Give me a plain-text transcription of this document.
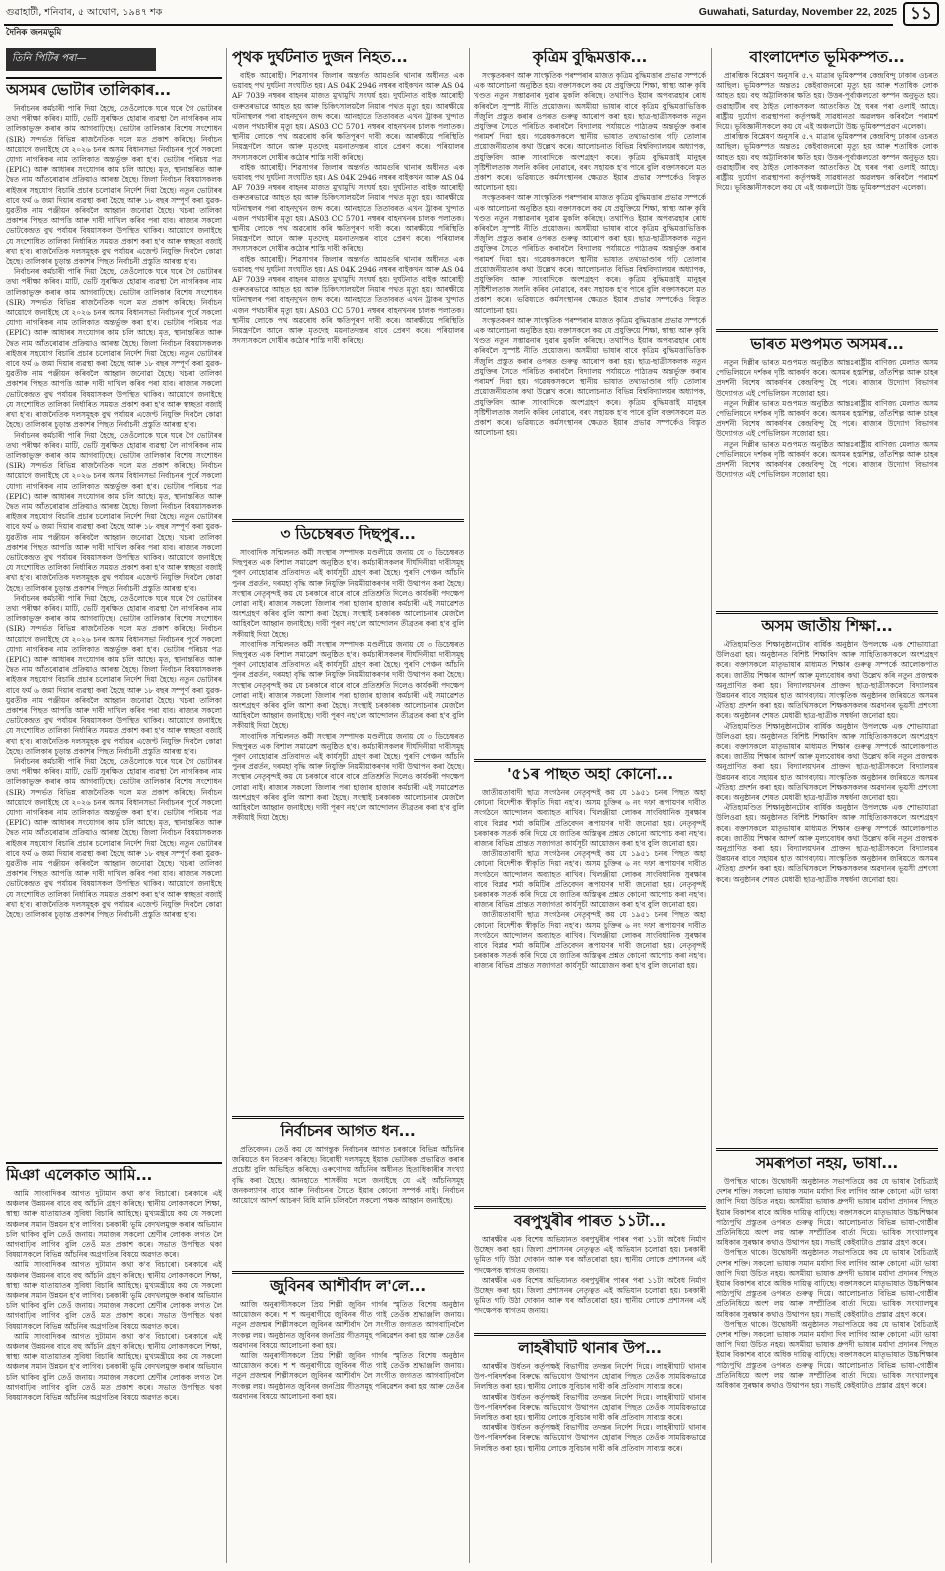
গুৱাহাটী, শনিবাৰ, ৫ আঘোণ, ১৯৪৭ শক	Guwahati, Saturday, November 22, 2025 ১১
দৈনিক জনমভূমি
তিনি পিটিৰ পৰা—
অসমৰ ভোটাৰ তালিকাৰ...

নিৰ্বাচনৰ কৰ্মচাৰী পাৰি দিয়া হৈছে, তেওঁলোকে ঘৰে ঘৰে গৈ ভোটাৰৰ তথ্য পৰীক্ষা কৰিব। মাটি, ভেটি সুৰক্ষিত হোৱাৰ ব্যৱস্থা লৈ নাগৰিকৰ নাম তালিকাভুক্ত কৰাৰ কাম আগবাঢ়িছে। ভোটাৰ তালিকাৰ বিশেষ সংশোধন (SIR) সন্দৰ্ভত বিভিন্ন ৰাজনৈতিক দলে মত প্ৰকাশ কৰিছে। নিৰ্বাচন আয়োগে জনাইছে যে ২০২৬ চনৰ অসম বিধানসভা নিৰ্বাচনৰ পূৰ্বে সকলো যোগ্য নাগৰিকৰ নাম তালিকাত অন্তৰ্ভুক্ত কৰা হ'ব। ভোটাৰ পৰিচয় পত্ৰ (EPIC) আৰু আধাৰৰ সংযোগৰ কাম চলি আছে। মৃত, স্থানান্তৰিত আৰু দ্বৈত নাম আঁতৰোৱাৰ প্ৰক্ৰিয়াও আৰম্ভ হৈছে। জিলা নিৰ্বাচন বিষয়াসকলক ৰাইজৰ সহযোগ বিচাৰি প্ৰচাৰ চলোৱাৰ নিৰ্দেশ দিয়া হৈছে। নতুন ভোটাৰৰ বাবে ফৰ্ম ৬ জমা দিয়াৰ ব্যৱস্থা কৰা হৈছে আৰু ১৮ বছৰ সম্পূৰ্ণ কৰা যুৱক-যুৱতীক নাম পঞ্জীয়ন কৰিবলৈ আহ্বান জনোৱা হৈছে। খচৰা তালিকা প্ৰকাশৰ পিছত আপত্তি আৰু দাবী দাখিল কৰিব পৰা যাব। ৰাজ্যৰ সকলো ভোটকেন্দ্ৰত বুথ পৰ্যায়ৰ বিষয়াসকল উপস্থিত থাকিব। আয়োগে জনাইছে যে সংশোধিত তালিকা নিৰ্ধাৰিত সময়ত প্ৰকাশ কৰা হ'ব আৰু স্বচ্ছতা বজাই ৰখা হ'ব। ৰাজনৈতিক দলসমূহক বুথ পৰ্যায়ৰ এজেণ্ট নিযুক্তি দিবলৈ কোৱা হৈছে। তালিকাৰ চূড়ান্ত প্ৰকাশৰ পিছত নিৰ্বাচনী প্ৰস্তুতি আৰম্ভ হ'ব।

নিৰ্বাচনৰ কৰ্মচাৰী পাৰি দিয়া হৈছে, তেওঁলোকে ঘৰে ঘৰে গৈ ভোটাৰৰ তথ্য পৰীক্ষা কৰিব। মাটি, ভেটি সুৰক্ষিত হোৱাৰ ব্যৱস্থা লৈ নাগৰিকৰ নাম তালিকাভুক্ত কৰাৰ কাম আগবাঢ়িছে। ভোটাৰ তালিকাৰ বিশেষ সংশোধন (SIR) সন্দৰ্ভত বিভিন্ন ৰাজনৈতিক দলে মত প্ৰকাশ কৰিছে। নিৰ্বাচন আয়োগে জনাইছে যে ২০২৬ চনৰ অসম বিধানসভা নিৰ্বাচনৰ পূৰ্বে সকলো যোগ্য নাগৰিকৰ নাম তালিকাত অন্তৰ্ভুক্ত কৰা হ'ব। ভোটাৰ পৰিচয় পত্ৰ (EPIC) আৰু আধাৰৰ সংযোগৰ কাম চলি আছে। মৃত, স্থানান্তৰিত আৰু দ্বৈত নাম আঁতৰোৱাৰ প্ৰক্ৰিয়াও আৰম্ভ হৈছে। জিলা নিৰ্বাচন বিষয়াসকলক ৰাইজৰ সহযোগ বিচাৰি প্ৰচাৰ চলোৱাৰ নিৰ্দেশ দিয়া হৈছে। নতুন ভোটাৰৰ বাবে ফৰ্ম ৬ জমা দিয়াৰ ব্যৱস্থা কৰা হৈছে আৰু ১৮ বছৰ সম্পূৰ্ণ কৰা যুৱক-যুৱতীক নাম পঞ্জীয়ন কৰিবলৈ আহ্বান জনোৱা হৈছে। খচৰা তালিকা প্ৰকাশৰ পিছত আপত্তি আৰু দাবী দাখিল কৰিব পৰা যাব। ৰাজ্যৰ সকলো ভোটকেন্দ্ৰত বুথ পৰ্যায়ৰ বিষয়াসকল উপস্থিত থাকিব। আয়োগে জনাইছে যে সংশোধিত তালিকা নিৰ্ধাৰিত সময়ত প্ৰকাশ কৰা হ'ব আৰু স্বচ্ছতা বজাই ৰখা হ'ব। ৰাজনৈতিক দলসমূহক বুথ পৰ্যায়ৰ এজেণ্ট নিযুক্তি দিবলৈ কোৱা হৈছে। তালিকাৰ চূড়ান্ত প্ৰকাশৰ পিছত নিৰ্বাচনী প্ৰস্তুতি আৰম্ভ হ'ব।

নিৰ্বাচনৰ কৰ্মচাৰী পাৰি দিয়া হৈছে, তেওঁলোকে ঘৰে ঘৰে গৈ ভোটাৰৰ তথ্য পৰীক্ষা কৰিব। মাটি, ভেটি সুৰক্ষিত হোৱাৰ ব্যৱস্থা লৈ নাগৰিকৰ নাম তালিকাভুক্ত কৰাৰ কাম আগবাঢ়িছে। ভোটাৰ তালিকাৰ বিশেষ সংশোধন (SIR) সন্দৰ্ভত বিভিন্ন ৰাজনৈতিক দলে মত প্ৰকাশ কৰিছে। নিৰ্বাচন আয়োগে জনাইছে যে ২০২৬ চনৰ অসম বিধানসভা নিৰ্বাচনৰ পূৰ্বে সকলো যোগ্য নাগৰিকৰ নাম তালিকাত অন্তৰ্ভুক্ত কৰা হ'ব। ভোটাৰ পৰিচয় পত্ৰ (EPIC) আৰু আধাৰৰ সংযোগৰ কাম চলি আছে। মৃত, স্থানান্তৰিত আৰু দ্বৈত নাম আঁতৰোৱাৰ প্ৰক্ৰিয়াও আৰম্ভ হৈছে। জিলা নিৰ্বাচন বিষয়াসকলক ৰাইজৰ সহযোগ বিচাৰি প্ৰচাৰ চলোৱাৰ নিৰ্দেশ দিয়া হৈছে। নতুন ভোটাৰৰ বাবে ফৰ্ম ৬ জমা দিয়াৰ ব্যৱস্থা কৰা হৈছে আৰু ১৮ বছৰ সম্পূৰ্ণ কৰা যুৱক-যুৱতীক নাম পঞ্জীয়ন কৰিবলৈ আহ্বান জনোৱা হৈছে। খচৰা তালিকা প্ৰকাশৰ পিছত আপত্তি আৰু দাবী দাখিল কৰিব পৰা যাব। ৰাজ্যৰ সকলো ভোটকেন্দ্ৰত বুথ পৰ্যায়ৰ বিষয়াসকল উপস্থিত থাকিব। আয়োগে জনাইছে যে সংশোধিত তালিকা নিৰ্ধাৰিত সময়ত প্ৰকাশ কৰা হ'ব আৰু স্বচ্ছতা বজাই ৰখা হ'ব। ৰাজনৈতিক দলসমূহক বুথ পৰ্যায়ৰ এজেণ্ট নিযুক্তি দিবলৈ কোৱা হৈছে। তালিকাৰ চূড়ান্ত প্ৰকাশৰ পিছত নিৰ্বাচনী প্ৰস্তুতি আৰম্ভ হ'ব।

নিৰ্বাচনৰ কৰ্মচাৰী পাৰি দিয়া হৈছে, তেওঁলোকে ঘৰে ঘৰে গৈ ভোটাৰৰ তথ্য পৰীক্ষা কৰিব। মাটি, ভেটি সুৰক্ষিত হোৱাৰ ব্যৱস্থা লৈ নাগৰিকৰ নাম তালিকাভুক্ত কৰাৰ কাম আগবাঢ়িছে। ভোটাৰ তালিকাৰ বিশেষ সংশোধন (SIR) সন্দৰ্ভত বিভিন্ন ৰাজনৈতিক দলে মত প্ৰকাশ কৰিছে। নিৰ্বাচন আয়োগে জনাইছে যে ২০২৬ চনৰ অসম বিধানসভা নিৰ্বাচনৰ পূৰ্বে সকলো যোগ্য নাগৰিকৰ নাম তালিকাত অন্তৰ্ভুক্ত কৰা হ'ব। ভোটাৰ পৰিচয় পত্ৰ (EPIC) আৰু আধাৰৰ সংযোগৰ কাম চলি আছে। মৃত, স্থানান্তৰিত আৰু দ্বৈত নাম আঁতৰোৱাৰ প্ৰক্ৰিয়াও আৰম্ভ হৈছে। জিলা নিৰ্বাচন বিষয়াসকলক ৰাইজৰ সহযোগ বিচাৰি প্ৰচাৰ চলোৱাৰ নিৰ্দেশ দিয়া হৈছে। নতুন ভোটাৰৰ বাবে ফৰ্ম ৬ জমা দিয়াৰ ব্যৱস্থা কৰা হৈছে আৰু ১৮ বছৰ সম্পূৰ্ণ কৰা যুৱক-যুৱতীক নাম পঞ্জীয়ন কৰিবলৈ আহ্বান জনোৱা হৈছে। খচৰা তালিকা প্ৰকাশৰ পিছত আপত্তি আৰু দাবী দাখিল কৰিব পৰা যাব। ৰাজ্যৰ সকলো ভোটকেন্দ্ৰত বুথ পৰ্যায়ৰ বিষয়াসকল উপস্থিত থাকিব। আয়োগে জনাইছে যে সংশোধিত তালিকা নিৰ্ধাৰিত সময়ত প্ৰকাশ কৰা হ'ব আৰু স্বচ্ছতা বজাই ৰখা হ'ব। ৰাজনৈতিক দলসমূহক বুথ পৰ্যায়ৰ এজেণ্ট নিযুক্তি দিবলৈ কোৱা হৈছে। তালিকাৰ চূড়ান্ত প্ৰকাশৰ পিছত নিৰ্বাচনী প্ৰস্তুতি আৰম্ভ হ'ব।

নিৰ্বাচনৰ কৰ্মচাৰী পাৰি দিয়া হৈছে, তেওঁলোকে ঘৰে ঘৰে গৈ ভোটাৰৰ তথ্য পৰীক্ষা কৰিব। মাটি, ভেটি সুৰক্ষিত হোৱাৰ ব্যৱস্থা লৈ নাগৰিকৰ নাম তালিকাভুক্ত কৰাৰ কাম আগবাঢ়িছে। ভোটাৰ তালিকাৰ বিশেষ সংশোধন (SIR) সন্দৰ্ভত বিভিন্ন ৰাজনৈতিক দলে মত প্ৰকাশ কৰিছে। নিৰ্বাচন আয়োগে জনাইছে যে ২০২৬ চনৰ অসম বিধানসভা নিৰ্বাচনৰ পূৰ্বে সকলো যোগ্য নাগৰিকৰ নাম তালিকাত অন্তৰ্ভুক্ত কৰা হ'ব। ভোটাৰ পৰিচয় পত্ৰ (EPIC) আৰু আধাৰৰ সংযোগৰ কাম চলি আছে। মৃত, স্থানান্তৰিত আৰু দ্বৈত নাম আঁতৰোৱাৰ প্ৰক্ৰিয়াও আৰম্ভ হৈছে। জিলা নিৰ্বাচন বিষয়াসকলক ৰাইজৰ সহযোগ বিচাৰি প্ৰচাৰ চলোৱাৰ নিৰ্দেশ দিয়া হৈছে। নতুন ভোটাৰৰ বাবে ফৰ্ম ৬ জমা দিয়াৰ ব্যৱস্থা কৰা হৈছে আৰু ১৮ বছৰ সম্পূৰ্ণ কৰা যুৱক-যুৱতীক নাম পঞ্জীয়ন কৰিবলৈ আহ্বান জনোৱা হৈছে। খচৰা তালিকা প্ৰকাশৰ পিছত আপত্তি আৰু দাবী দাখিল কৰিব পৰা যাব। ৰাজ্যৰ সকলো ভোটকেন্দ্ৰত বুথ পৰ্যায়ৰ বিষয়াসকল উপস্থিত থাকিব। আয়োগে জনাইছে যে সংশোধিত তালিকা নিৰ্ধাৰিত সময়ত প্ৰকাশ কৰা হ'ব আৰু স্বচ্ছতা বজাই ৰখা হ'ব। ৰাজনৈতিক দলসমূহক বুথ পৰ্যায়ৰ এজেণ্ট নিযুক্তি দিবলৈ কোৱা হৈছে। তালিকাৰ চূড়ান্ত প্ৰকাশৰ পিছত নিৰ্বাচনী প্ৰস্তুতি আৰম্ভ হ'ব।

মিঞা এলেকাত আমি...

আমি সাংবাদিকৰ আগত দুটামান কথা ক'ব বিচাৰো। চৰকাৰে এই অঞ্চলৰ উন্নয়নৰ বাবে বহু আঁচনি গ্ৰহণ কৰিছে। স্থানীয় লোকসকলে শিক্ষা, স্বাস্থ্য আৰু যাতায়াতৰ সুবিধা বিচাৰি আহিছে। মুখ্যমন্ত্ৰীয়ে কয় যে সকলো অঞ্চলৰ সমান উন্নয়ন হ'ব লাগিব। চৰকাৰী ভূমি বেদখলমুক্ত কৰাৰ অভিযান চলি থাকিব বুলি তেওঁ জনায়। সমাজৰ সকলো শ্ৰেণীৰ লোকক লগত লৈ আগবাঢ়িব লাগিব বুলি তেওঁ মত প্ৰকাশ কৰে। সভাত উপস্থিত থকা বিষয়াসকলে বিভিন্ন আঁচনিৰ অগ্ৰগতিৰ বিষয়ে অৱগত কৰে।

আমি সাংবাদিকৰ আগত দুটামান কথা ক'ব বিচাৰো। চৰকাৰে এই অঞ্চলৰ উন্নয়নৰ বাবে বহু আঁচনি গ্ৰহণ কৰিছে। স্থানীয় লোকসকলে শিক্ষা, স্বাস্থ্য আৰু যাতায়াতৰ সুবিধা বিচাৰি আহিছে। মুখ্যমন্ত্ৰীয়ে কয় যে সকলো অঞ্চলৰ সমান উন্নয়ন হ'ব লাগিব। চৰকাৰী ভূমি বেদখলমুক্ত কৰাৰ অভিযান চলি থাকিব বুলি তেওঁ জনায়। সমাজৰ সকলো শ্ৰেণীৰ লোকক লগত লৈ আগবাঢ়িব লাগিব বুলি তেওঁ মত প্ৰকাশ কৰে। সভাত উপস্থিত থকা বিষয়াসকলে বিভিন্ন আঁচনিৰ অগ্ৰগতিৰ বিষয়ে অৱগত কৰে।

আমি সাংবাদিকৰ আগত দুটামান কথা ক'ব বিচাৰো। চৰকাৰে এই অঞ্চলৰ উন্নয়নৰ বাবে বহু আঁচনি গ্ৰহণ কৰিছে। স্থানীয় লোকসকলে শিক্ষা, স্বাস্থ্য আৰু যাতায়াতৰ সুবিধা বিচাৰি আহিছে। মুখ্যমন্ত্ৰীয়ে কয় যে সকলো অঞ্চলৰ সমান উন্নয়ন হ'ব লাগিব। চৰকাৰী ভূমি বেদখলমুক্ত কৰাৰ অভিযান চলি থাকিব বুলি তেওঁ জনায়। সমাজৰ সকলো শ্ৰেণীৰ লোকক লগত লৈ আগবাঢ়িব লাগিব বুলি তেওঁ মত প্ৰকাশ কৰে। সভাত উপস্থিত থকা বিষয়াসকলে বিভিন্ন আঁচনিৰ অগ্ৰগতিৰ বিষয়ে অৱগত কৰে।

পৃথক দুৰ্ঘটনাত দুজন নিহত...

বাইক আৰোহী। শিৱসাগৰ জিলাৰ অন্তৰ্গত আমগুৰি থানাৰ অধীনত এক ভয়াবহ পথ দুৰ্ঘটনা সংঘটিত হয়। AS 04K 2946 নম্বৰৰ বাইকখন আৰু AS 04 AF 7039 নম্বৰৰ বাহনৰ মাজত মুখামুখি সংঘৰ্ষ হয়। দুৰ্ঘটনাত বাইক আৰোহী গুৰুতৰভাৱে আহত হয় আৰু চিকিৎসালয়লৈ নিয়াৰ পথত মৃত্যু হয়। আৰক্ষীয়ে ঘটনাস্থলৰ পৰা বাহনদুখন জব্দ কৰে। আনহাতে তিতাবৰত এখন ট্ৰাকৰ খুন্দাত এজন পথচাৰীৰ মৃত্যু হয়। AS03 CC 5701 নম্বৰৰ বাহনখনৰ চালক পলাতক। স্থানীয় লোকে পথ অৱৰোধ কৰি ক্ষতিপূৰণ দাবী কৰে। আৰক্ষীয়ে পৰিস্থিতি নিয়ন্ত্ৰণলৈ আনে আৰু মৃতদেহ ময়নাতদন্তৰ বাবে প্ৰেৰণ কৰে। পৰিয়ালৰ সদস্যসকলে দোষীৰ কঠোৰ শাস্তি দাবী কৰিছে।

বাইক আৰোহী। শিৱসাগৰ জিলাৰ অন্তৰ্গত আমগুৰি থানাৰ অধীনত এক ভয়াবহ পথ দুৰ্ঘটনা সংঘটিত হয়। AS 04K 2946 নম্বৰৰ বাইকখন আৰু AS 04 AF 7039 নম্বৰৰ বাহনৰ মাজত মুখামুখি সংঘৰ্ষ হয়। দুৰ্ঘটনাত বাইক আৰোহী গুৰুতৰভাৱে আহত হয় আৰু চিকিৎসালয়লৈ নিয়াৰ পথত মৃত্যু হয়। আৰক্ষীয়ে ঘটনাস্থলৰ পৰা বাহনদুখন জব্দ কৰে। আনহাতে তিতাবৰত এখন ট্ৰাকৰ খুন্দাত এজন পথচাৰীৰ মৃত্যু হয়। AS03 CC 5701 নম্বৰৰ বাহনখনৰ চালক পলাতক। স্থানীয় লোকে পথ অৱৰোধ কৰি ক্ষতিপূৰণ দাবী কৰে। আৰক্ষীয়ে পৰিস্থিতি নিয়ন্ত্ৰণলৈ আনে আৰু মৃতদেহ ময়নাতদন্তৰ বাবে প্ৰেৰণ কৰে। পৰিয়ালৰ সদস্যসকলে দোষীৰ কঠোৰ শাস্তি দাবী কৰিছে।

বাইক আৰোহী। শিৱসাগৰ জিলাৰ অন্তৰ্গত আমগুৰি থানাৰ অধীনত এক ভয়াবহ পথ দুৰ্ঘটনা সংঘটিত হয়। AS 04K 2946 নম্বৰৰ বাইকখন আৰু AS 04 AF 7039 নম্বৰৰ বাহনৰ মাজত মুখামুখি সংঘৰ্ষ হয়। দুৰ্ঘটনাত বাইক আৰোহী গুৰুতৰভাৱে আহত হয় আৰু চিকিৎসালয়লৈ নিয়াৰ পথত মৃত্যু হয়। আৰক্ষীয়ে ঘটনাস্থলৰ পৰা বাহনদুখন জব্দ কৰে। আনহাতে তিতাবৰত এখন ট্ৰাকৰ খুন্দাত এজন পথচাৰীৰ মৃত্যু হয়। AS03 CC 5701 নম্বৰৰ বাহনখনৰ চালক পলাতক। স্থানীয় লোকে পথ অৱৰোধ কৰি ক্ষতিপূৰণ দাবী কৰে। আৰক্ষীয়ে পৰিস্থিতি নিয়ন্ত্ৰণলৈ আনে আৰু মৃতদেহ ময়নাতদন্তৰ বাবে প্ৰেৰণ কৰে। পৰিয়ালৰ সদস্যসকলে দোষীৰ কঠোৰ শাস্তি দাবী কৰিছে।

৩ ডিচেম্বৰত দিছপুৰ...

সাংবাদিক সন্মিলনত কৰ্মী সংস্থাৰ সম্পাদক মণ্ডলীয়ে জনায় যে ৩ ডিচেম্বৰত দিছপুৰত এক বিশাল সমাৱেশ অনুষ্ঠিত হ'ব। কৰ্মচাৰীসকলৰ দীৰ্ঘদিনীয়া দাবীসমূহ পূৰণ নোহোৱাৰ প্ৰতিবাদত এই কাৰ্যসূচী গ্ৰহণ কৰা হৈছে। পুৰণি পেঞ্চন আঁচনি পুনৰ প্ৰৱৰ্তন, দৰমহা বৃদ্ধি আৰু নিযুক্তি নিয়মীয়াকৰণৰ দাবী উত্থাপন কৰা হৈছে। সংস্থাৰ নেতৃবৃন্দই কয় যে চৰকাৰে বাৰে বাৰে প্ৰতিশ্ৰুতি দিলেও কাৰ্যকৰী পদক্ষেপ লোৱা নাই। ৰাজ্যৰ সকলো জিলাৰ পৰা হাজাৰ হাজাৰ কৰ্মচাৰী এই সমাৱেশত অংশগ্ৰহণ কৰিব বুলি আশা কৰা হৈছে। সংস্থাই চৰকাৰক আলোচনাৰ মেজলৈ আহিবলৈ আহ্বান জনাইছে। দাবী পূৰণ নহ'লে আন্দোলন তীব্ৰতৰ কৰা হ'ব বুলি সকীয়াই দিয়া হৈছে।

সাংবাদিক সন্মিলনত কৰ্মী সংস্থাৰ সম্পাদক মণ্ডলীয়ে জনায় যে ৩ ডিচেম্বৰত দিছপুৰত এক বিশাল সমাৱেশ অনুষ্ঠিত হ'ব। কৰ্মচাৰীসকলৰ দীৰ্ঘদিনীয়া দাবীসমূহ পূৰণ নোহোৱাৰ প্ৰতিবাদত এই কাৰ্যসূচী গ্ৰহণ কৰা হৈছে। পুৰণি পেঞ্চন আঁচনি পুনৰ প্ৰৱৰ্তন, দৰমহা বৃদ্ধি আৰু নিযুক্তি নিয়মীয়াকৰণৰ দাবী উত্থাপন কৰা হৈছে। সংস্থাৰ নেতৃবৃন্দই কয় যে চৰকাৰে বাৰে বাৰে প্ৰতিশ্ৰুতি দিলেও কাৰ্যকৰী পদক্ষেপ লোৱা নাই। ৰাজ্যৰ সকলো জিলাৰ পৰা হাজাৰ হাজাৰ কৰ্মচাৰী এই সমাৱেশত অংশগ্ৰহণ কৰিব বুলি আশা কৰা হৈছে। সংস্থাই চৰকাৰক আলোচনাৰ মেজলৈ আহিবলৈ আহ্বান জনাইছে। দাবী পূৰণ নহ'লে আন্দোলন তীব্ৰতৰ কৰা হ'ব বুলি সকীয়াই দিয়া হৈছে।

সাংবাদিক সন্মিলনত কৰ্মী সংস্থাৰ সম্পাদক মণ্ডলীয়ে জনায় যে ৩ ডিচেম্বৰত দিছপুৰত এক বিশাল সমাৱেশ অনুষ্ঠিত হ'ব। কৰ্মচাৰীসকলৰ দীৰ্ঘদিনীয়া দাবীসমূহ পূৰণ নোহোৱাৰ প্ৰতিবাদত এই কাৰ্যসূচী গ্ৰহণ কৰা হৈছে। পুৰণি পেঞ্চন আঁচনি পুনৰ প্ৰৱৰ্তন, দৰমহা বৃদ্ধি আৰু নিযুক্তি নিয়মীয়াকৰণৰ দাবী উত্থাপন কৰা হৈছে। সংস্থাৰ নেতৃবৃন্দই কয় যে চৰকাৰে বাৰে বাৰে প্ৰতিশ্ৰুতি দিলেও কাৰ্যকৰী পদক্ষেপ লোৱা নাই। ৰাজ্যৰ সকলো জিলাৰ পৰা হাজাৰ হাজাৰ কৰ্মচাৰী এই সমাৱেশত অংশগ্ৰহণ কৰিব বুলি আশা কৰা হৈছে। সংস্থাই চৰকাৰক আলোচনাৰ মেজলৈ আহিবলৈ আহ্বান জনাইছে। দাবী পূৰণ নহ'লে আন্দোলন তীব্ৰতৰ কৰা হ'ব বুলি সকীয়াই দিয়া হৈছে।

নিৰ্বাচনৰ আগত ধন...

প্ৰতিবেদন। তেওঁ কয় যে আগন্তুক নিৰ্বাচনৰ আগত চৰকাৰে বিভিন্ন আঁচনিৰ জৰিয়তে ধন বিতৰণ কৰিছে। বিৰোধী দলসমূহে ইয়াক ভোটাৰক প্ৰভাৱিত কৰাৰ প্ৰচেষ্টা বুলি অভিহিত কৰিছে। ওৰুণোদয় আঁচনিৰ অধীনত হিতাধিকাৰীৰ সংখ্যা বৃদ্ধি কৰা হৈছে। আনহাতে শাসকীয় দলে জনাইছে যে এই আঁচনিসমূহ জনকল্যাণৰ বাবে আৰু নিৰ্বাচনৰ সৈতে ইয়াৰ কোনো সম্পৰ্ক নাই। নিৰ্বাচন আয়োগে আদৰ্শ আচৰণ বিধি মানি চলিবলৈ সকলো পক্ষক আহ্বান জনাইছে।

জুবিনৰ আশীৰ্বাদ ল'লে...

আজি অনুৰাগীসকলে প্ৰিয় শিল্পী জুবিন গাৰ্গৰ স্মৃতিত বিশেষ অনুষ্ঠান আয়োজন কৰে। শ শ অনুৰাগীয়ে জুবিনৰ গীত গাই তেওঁক শ্ৰদ্ধাঞ্জলি জনায়। নতুন প্ৰজন্মৰ শিল্পীসকলে জুবিনৰ আশীৰ্বাদ লৈ সংগীত জগতত আগবাঢ়িবলৈ সংকল্প লয়। অনুষ্ঠানত জুবিনৰ জনপ্ৰিয় গীতসমূহ পৰিৱেশন কৰা হয় আৰু তেওঁৰ অৱদানৰ বিষয়ে আলোচনা কৰা হয়।

আজি অনুৰাগীসকলে প্ৰিয় শিল্পী জুবিন গাৰ্গৰ স্মৃতিত বিশেষ অনুষ্ঠান আয়োজন কৰে। শ শ অনুৰাগীয়ে জুবিনৰ গীত গাই তেওঁক শ্ৰদ্ধাঞ্জলি জনায়। নতুন প্ৰজন্মৰ শিল্পীসকলে জুবিনৰ আশীৰ্বাদ লৈ সংগীত জগতত আগবাঢ়িবলৈ সংকল্প লয়। অনুষ্ঠানত জুবিনৰ জনপ্ৰিয় গীতসমূহ পৰিৱেশন কৰা হয় আৰু তেওঁৰ অৱদানৰ বিষয়ে আলোচনা কৰা হয়।

কৃত্ৰিম বুদ্ধিমত্তাক...

সংস্কৃতকৰণ আৰু সাংস্কৃতিক পৰম্পৰাৰ মাজত কৃত্ৰিম বুদ্ধিমত্তাৰ প্ৰভাৱ সম্পৰ্কে এক আলোচনা অনুষ্ঠিত হয়। বক্তাসকলে কয় যে প্ৰযুক্তিয়ে শিক্ষা, স্বাস্থ্য আৰু কৃষি খণ্ডত নতুন সম্ভাৱনাৰ দুৱাৰ মুকলি কৰিছে। তথাপিও ইয়াৰ অপব্যৱহাৰ ৰোধ কৰিবলৈ সুস্পষ্ট নীতি প্ৰয়োজন। অসমীয়া ভাষাৰ বাবে কৃত্ৰিম বুদ্ধিমত্তাভিত্তিক সঁজুলি প্ৰস্তুত কৰাৰ ওপৰত গুৰুত্ব আৰোপ কৰা হয়। ছাত্ৰ-ছাত্ৰীসকলক নতুন প্ৰযুক্তিৰ সৈতে পৰিচিত কৰাবলৈ বিদ্যালয় পৰ্যায়তে পাঠ্যক্ৰম অন্তৰ্ভুক্ত কৰাৰ পৰামৰ্শ দিয়া হয়। গৱেষকসকলে স্থানীয় ভাষাত তথ্যভাণ্ডাৰ গঢ়ি তোলাৰ প্ৰয়োজনীয়তাৰ কথা উল্লেখ কৰে। আলোচনাত বিভিন্ন বিশ্ববিদ্যালয়ৰ অধ্যাপক, প্ৰযুক্তিবিদ আৰু সাংবাদিকে অংশগ্ৰহণ কৰে। কৃত্ৰিম বুদ্ধিমত্তাই মানুহৰ সৃষ্টিশীলতাক সলনি কৰিব নোৱাৰে, বৰং সহায়ক হ'ব পাৰে বুলি বক্তাসকলে মত প্ৰকাশ কৰে। ভৱিষ্যতে কৰ্মসংস্থানৰ ক্ষেত্ৰত ইয়াৰ প্ৰভাৱ সম্পৰ্কেও বিস্তৃত আলোচনা হয়।

সংস্কৃতকৰণ আৰু সাংস্কৃতিক পৰম্পৰাৰ মাজত কৃত্ৰিম বুদ্ধিমত্তাৰ প্ৰভাৱ সম্পৰ্কে এক আলোচনা অনুষ্ঠিত হয়। বক্তাসকলে কয় যে প্ৰযুক্তিয়ে শিক্ষা, স্বাস্থ্য আৰু কৃষি খণ্ডত নতুন সম্ভাৱনাৰ দুৱাৰ মুকলি কৰিছে। তথাপিও ইয়াৰ অপব্যৱহাৰ ৰোধ কৰিবলৈ সুস্পষ্ট নীতি প্ৰয়োজন। অসমীয়া ভাষাৰ বাবে কৃত্ৰিম বুদ্ধিমত্তাভিত্তিক সঁজুলি প্ৰস্তুত কৰাৰ ওপৰত গুৰুত্ব আৰোপ কৰা হয়। ছাত্ৰ-ছাত্ৰীসকলক নতুন প্ৰযুক্তিৰ সৈতে পৰিচিত কৰাবলৈ বিদ্যালয় পৰ্যায়তে পাঠ্যক্ৰম অন্তৰ্ভুক্ত কৰাৰ পৰামৰ্শ দিয়া হয়। গৱেষকসকলে স্থানীয় ভাষাত তথ্যভাণ্ডাৰ গঢ়ি তোলাৰ প্ৰয়োজনীয়তাৰ কথা উল্লেখ কৰে। আলোচনাত বিভিন্ন বিশ্ববিদ্যালয়ৰ অধ্যাপক, প্ৰযুক্তিবিদ আৰু সাংবাদিকে অংশগ্ৰহণ কৰে। কৃত্ৰিম বুদ্ধিমত্তাই মানুহৰ সৃষ্টিশীলতাক সলনি কৰিব নোৱাৰে, বৰং সহায়ক হ'ব পাৰে বুলি বক্তাসকলে মত প্ৰকাশ কৰে। ভৱিষ্যতে কৰ্মসংস্থানৰ ক্ষেত্ৰত ইয়াৰ প্ৰভাৱ সম্পৰ্কেও বিস্তৃত আলোচনা হয়।

সংস্কৃতকৰণ আৰু সাংস্কৃতিক পৰম্পৰাৰ মাজত কৃত্ৰিম বুদ্ধিমত্তাৰ প্ৰভাৱ সম্পৰ্কে এক আলোচনা অনুষ্ঠিত হয়। বক্তাসকলে কয় যে প্ৰযুক্তিয়ে শিক্ষা, স্বাস্থ্য আৰু কৃষি খণ্ডত নতুন সম্ভাৱনাৰ দুৱাৰ মুকলি কৰিছে। তথাপিও ইয়াৰ অপব্যৱহাৰ ৰোধ কৰিবলৈ সুস্পষ্ট নীতি প্ৰয়োজন। অসমীয়া ভাষাৰ বাবে কৃত্ৰিম বুদ্ধিমত্তাভিত্তিক সঁজুলি প্ৰস্তুত কৰাৰ ওপৰত গুৰুত্ব আৰোপ কৰা হয়। ছাত্ৰ-ছাত্ৰীসকলক নতুন প্ৰযুক্তিৰ সৈতে পৰিচিত কৰাবলৈ বিদ্যালয় পৰ্যায়তে পাঠ্যক্ৰম অন্তৰ্ভুক্ত কৰাৰ পৰামৰ্শ দিয়া হয়। গৱেষকসকলে স্থানীয় ভাষাত তথ্যভাণ্ডাৰ গঢ়ি তোলাৰ প্ৰয়োজনীয়তাৰ কথা উল্লেখ কৰে। আলোচনাত বিভিন্ন বিশ্ববিদ্যালয়ৰ অধ্যাপক, প্ৰযুক্তিবিদ আৰু সাংবাদিকে অংশগ্ৰহণ কৰে। কৃত্ৰিম বুদ্ধিমত্তাই মানুহৰ সৃষ্টিশীলতাক সলনি কৰিব নোৱাৰে, বৰং সহায়ক হ'ব পাৰে বুলি বক্তাসকলে মত প্ৰকাশ কৰে। ভৱিষ্যতে কৰ্মসংস্থানৰ ক্ষেত্ৰত ইয়াৰ প্ৰভাৱ সম্পৰ্কেও বিস্তৃত আলোচনা হয়।

'৫১ৰ পাছত অহা কোনো...

জাতীয়তাবাদী ছাত্ৰ সংগঠনৰ নেতৃবৃন্দই কয় যে ১৯৫১ চনৰ পিছত অহা কোনো বিদেশীক স্বীকৃতি দিয়া নহ'ব। অসম চুক্তিৰ ৬ নং দফা ৰূপায়ণৰ দাবীত সংগঠনে আন্দোলন অব্যাহত ৰাখিব। খিলঞ্জীয়া লোকৰ সাংবিধানিক সুৰক্ষাৰ বাবে বিপ্লৱ শৰ্মা কমিটিৰ প্ৰতিবেদন ৰূপায়ণৰ দাবী জনোৱা হয়। নেতৃবৃন্দই চৰকাৰক সতৰ্ক কৰি দিয়ে যে জাতিৰ অস্তিত্বৰ প্ৰশ্নত কোনো আপোচ কৰা নহ'ব। ৰাজ্যৰ বিভিন্ন প্ৰান্তত সজাগতা কাৰ্যসূচী আয়োজন কৰা হ'ব বুলি জনোৱা হয়।

জাতীয়তাবাদী ছাত্ৰ সংগঠনৰ নেতৃবৃন্দই কয় যে ১৯৫১ চনৰ পিছত অহা কোনো বিদেশীক স্বীকৃতি দিয়া নহ'ব। অসম চুক্তিৰ ৬ নং দফা ৰূপায়ণৰ দাবীত সংগঠনে আন্দোলন অব্যাহত ৰাখিব। খিলঞ্জীয়া লোকৰ সাংবিধানিক সুৰক্ষাৰ বাবে বিপ্লৱ শৰ্মা কমিটিৰ প্ৰতিবেদন ৰূপায়ণৰ দাবী জনোৱা হয়। নেতৃবৃন্দই চৰকাৰক সতৰ্ক কৰি দিয়ে যে জাতিৰ অস্তিত্বৰ প্ৰশ্নত কোনো আপোচ কৰা নহ'ব। ৰাজ্যৰ বিভিন্ন প্ৰান্তত সজাগতা কাৰ্যসূচী আয়োজন কৰা হ'ব বুলি জনোৱা হয়।

জাতীয়তাবাদী ছাত্ৰ সংগঠনৰ নেতৃবৃন্দই কয় যে ১৯৫১ চনৰ পিছত অহা কোনো বিদেশীক স্বীকৃতি দিয়া নহ'ব। অসম চুক্তিৰ ৬ নং দফা ৰূপায়ণৰ দাবীত সংগঠনে আন্দোলন অব্যাহত ৰাখিব। খিলঞ্জীয়া লোকৰ সাংবিধানিক সুৰক্ষাৰ বাবে বিপ্লৱ শৰ্মা কমিটিৰ প্ৰতিবেদন ৰূপায়ণৰ দাবী জনোৱা হয়। নেতৃবৃন্দই চৰকাৰক সতৰ্ক কৰি দিয়ে যে জাতিৰ অস্তিত্বৰ প্ৰশ্নত কোনো আপোচ কৰা নহ'ব। ৰাজ্যৰ বিভিন্ন প্ৰান্তত সজাগতা কাৰ্যসূচী আয়োজন কৰা হ'ব বুলি জনোৱা হয়।

বৰপুখুৰীৰ পাৰত ১১টা...

আৰক্ষীৰ এক বিশেষ অভিযানত বৰপুখুৰীৰ পাৰৰ পৰা ১১টা অবৈধ নিৰ্মাণ উচ্ছেদ কৰা হয়। জিলা প্ৰশাসনৰ নেতৃত্বত এই অভিযান চলোৱা হয়। চৰকাৰী ভূমিত গঢ়ি উঠা দোকান আৰু ঘৰ আঁতৰোৱা হয়। স্থানীয় লোকে প্ৰশাসনৰ এই পদক্ষেপক স্বাগতম জনায়।

আৰক্ষীৰ এক বিশেষ অভিযানত বৰপুখুৰীৰ পাৰৰ পৰা ১১টা অবৈধ নিৰ্মাণ উচ্ছেদ কৰা হয়। জিলা প্ৰশাসনৰ নেতৃত্বত এই অভিযান চলোৱা হয়। চৰকাৰী ভূমিত গঢ়ি উঠা দোকান আৰু ঘৰ আঁতৰোৱা হয়। স্থানীয় লোকে প্ৰশাসনৰ এই পদক্ষেপক স্বাগতম জনায়।

লাহৰীঘাট থানাৰ উপ...

আৰক্ষীৰ উৰ্ধতন কৰ্তৃপক্ষই বিভাগীয় তদন্তৰ নিৰ্দেশ দিয়ে। লাহৰীঘাট থানাৰ উপ-পৰিদৰ্শকৰ বিৰুদ্ধে অভিযোগ উত্থাপন হোৱাৰ পিছত তেওঁক সাময়িকভাৱে নিলম্বিত কৰা হয়। স্থানীয় লোকে সুবিচাৰ দাবী কৰি প্ৰতিবাদ সাব্যস্ত কৰে।

আৰক্ষীৰ উৰ্ধতন কৰ্তৃপক্ষই বিভাগীয় তদন্তৰ নিৰ্দেশ দিয়ে। লাহৰীঘাট থানাৰ উপ-পৰিদৰ্শকৰ বিৰুদ্ধে অভিযোগ উত্থাপন হোৱাৰ পিছত তেওঁক সাময়িকভাৱে নিলম্বিত কৰা হয়। স্থানীয় লোকে সুবিচাৰ দাবী কৰি প্ৰতিবাদ সাব্যস্ত কৰে।

আৰক্ষীৰ উৰ্ধতন কৰ্তৃপক্ষই বিভাগীয় তদন্তৰ নিৰ্দেশ দিয়ে। লাহৰীঘাট থানাৰ উপ-পৰিদৰ্শকৰ বিৰুদ্ধে অভিযোগ উত্থাপন হোৱাৰ পিছত তেওঁক সাময়িকভাৱে নিলম্বিত কৰা হয়। স্থানীয় লোকে সুবিচাৰ দাবী কৰি প্ৰতিবাদ সাব্যস্ত কৰে।

বাংলাদেশত ভূমিকম্পত...

প্ৰাৰম্ভিক বিশ্লেষণ অনুসৰি ৫.৭ মাত্ৰাৰ ভূমিকম্পৰ কেন্দ্ৰবিন্দু ঢাকাৰ ওচৰত আছিল। ভূমিকম্পত অন্ততঃ কেইবাজনৰো মৃত্যু হয় আৰু শতাধিক লোক আহত হয়। বহু অট্টালিকাৰ ক্ষতি হয়। উত্তৰ-পূৰ্বাঞ্চলতো কম্পন অনুভূত হয়। গুৱাহাটীৰ বহু ঠাইত লোকসকল আতংকিত হৈ ঘৰৰ পৰা ওলাই আহে। ৰাষ্ট্ৰীয় দুৰ্যোগ ব্যৱস্থাপনা কৰ্তৃপক্ষই সাৱধানতা অৱলম্বন কৰিবলৈ পৰামৰ্শ দিয়ে। ভূবিজ্ঞানীসকলে কয় যে এই অঞ্চলটো উচ্চ ভূমিকম্পপ্ৰৱণ এলেকা।

প্ৰাৰম্ভিক বিশ্লেষণ অনুসৰি ৫.৭ মাত্ৰাৰ ভূমিকম্পৰ কেন্দ্ৰবিন্দু ঢাকাৰ ওচৰত আছিল। ভূমিকম্পত অন্ততঃ কেইবাজনৰো মৃত্যু হয় আৰু শতাধিক লোক আহত হয়। বহু অট্টালিকাৰ ক্ষতি হয়। উত্তৰ-পূৰ্বাঞ্চলতো কম্পন অনুভূত হয়। গুৱাহাটীৰ বহু ঠাইত লোকসকল আতংকিত হৈ ঘৰৰ পৰা ওলাই আহে। ৰাষ্ট্ৰীয় দুৰ্যোগ ব্যৱস্থাপনা কৰ্তৃপক্ষই সাৱধানতা অৱলম্বন কৰিবলৈ পৰামৰ্শ দিয়ে। ভূবিজ্ঞানীসকলে কয় যে এই অঞ্চলটো উচ্চ ভূমিকম্পপ্ৰৱণ এলেকা।

ভাৰত মণ্ডপমত অসমৰ...

নতুন দিল্লীৰ ভাৰত মণ্ডপমত অনুষ্ঠিত আন্তঃৰাষ্ট্ৰীয় বাণিজ্য মেলাত অসম পেভিলিয়নে দৰ্শকৰ দৃষ্টি আকৰ্ষণ কৰে। অসমৰ হস্তশিল্প, তাঁতশিল্প আৰু চাহৰ প্ৰদৰ্শনী বিশেষ আকৰ্ষণৰ কেন্দ্ৰবিন্দু হৈ পৰে। ৰাজ্যৰ উদ্যোগ বিভাগৰ উদ্যোগত এই পেভিলিয়ন সজোৱা হয়।

নতুন দিল্লীৰ ভাৰত মণ্ডপমত অনুষ্ঠিত আন্তঃৰাষ্ট্ৰীয় বাণিজ্য মেলাত অসম পেভিলিয়নে দৰ্শকৰ দৃষ্টি আকৰ্ষণ কৰে। অসমৰ হস্তশিল্প, তাঁতশিল্প আৰু চাহৰ প্ৰদৰ্শনী বিশেষ আকৰ্ষণৰ কেন্দ্ৰবিন্দু হৈ পৰে। ৰাজ্যৰ উদ্যোগ বিভাগৰ উদ্যোগত এই পেভিলিয়ন সজোৱা হয়।

নতুন দিল্লীৰ ভাৰত মণ্ডপমত অনুষ্ঠিত আন্তঃৰাষ্ট্ৰীয় বাণিজ্য মেলাত অসম পেভিলিয়নে দৰ্শকৰ দৃষ্টি আকৰ্ষণ কৰে। অসমৰ হস্তশিল্প, তাঁতশিল্প আৰু চাহৰ প্ৰদৰ্শনী বিশেষ আকৰ্ষণৰ কেন্দ্ৰবিন্দু হৈ পৰে। ৰাজ্যৰ উদ্যোগ বিভাগৰ উদ্যোগত এই পেভিলিয়ন সজোৱা হয়।

অসম জাতীয় শিক্ষা...

ঐতিহ্যমণ্ডিত শিক্ষানুষ্ঠানটোৰ বাৰ্ষিক অনুষ্ঠান উপলক্ষে এক শোভাযাত্ৰা উলিওৱা হয়। অনুষ্ঠানত বিশিষ্ট শিক্ষাবিদ আৰু সাহিত্যিকসকলে অংশগ্ৰহণ কৰে। বক্তাসকলে মাতৃভাষাৰ মাধ্যমত শিক্ষাৰ গুৰুত্ব সম্পৰ্কে আলোকপাত কৰে। জাতীয় শিক্ষাৰ আদৰ্শ আৰু মূল্যবোধৰ কথা উল্লেখ কৰি নতুন প্ৰজন্মক অনুপ্ৰাণিত কৰা হয়। বিদ্যালয়খনৰ প্ৰাক্তন ছাত্ৰ-ছাত্ৰীসকলে বিদ্যালয়ৰ উন্নয়নৰ বাবে সহায়ৰ হাত আগবঢ়ায়। সাংস্কৃতিক অনুষ্ঠানৰ জৰিয়তে অসমৰ ঐতিহ্য প্ৰদৰ্শন কৰা হয়। অতিথিসকলে শিক্ষকসকলৰ অৱদানৰ ভূয়সী প্ৰশংসা কৰে। অনুষ্ঠানৰ শেষত মেধাৱী ছাত্ৰ-ছাত্ৰীক সম্বৰ্ধনা জনোৱা হয়।

ঐতিহ্যমণ্ডিত শিক্ষানুষ্ঠানটোৰ বাৰ্ষিক অনুষ্ঠান উপলক্ষে এক শোভাযাত্ৰা উলিওৱা হয়। অনুষ্ঠানত বিশিষ্ট শিক্ষাবিদ আৰু সাহিত্যিকসকলে অংশগ্ৰহণ কৰে। বক্তাসকলে মাতৃভাষাৰ মাধ্যমত শিক্ষাৰ গুৰুত্ব সম্পৰ্কে আলোকপাত কৰে। জাতীয় শিক্ষাৰ আদৰ্শ আৰু মূল্যবোধৰ কথা উল্লেখ কৰি নতুন প্ৰজন্মক অনুপ্ৰাণিত কৰা হয়। বিদ্যালয়খনৰ প্ৰাক্তন ছাত্ৰ-ছাত্ৰীসকলে বিদ্যালয়ৰ উন্নয়নৰ বাবে সহায়ৰ হাত আগবঢ়ায়। সাংস্কৃতিক অনুষ্ঠানৰ জৰিয়তে অসমৰ ঐতিহ্য প্ৰদৰ্শন কৰা হয়। অতিথিসকলে শিক্ষকসকলৰ অৱদানৰ ভূয়সী প্ৰশংসা কৰে। অনুষ্ঠানৰ শেষত মেধাৱী ছাত্ৰ-ছাত্ৰীক সম্বৰ্ধনা জনোৱা হয়।

ঐতিহ্যমণ্ডিত শিক্ষানুষ্ঠানটোৰ বাৰ্ষিক অনুষ্ঠান উপলক্ষে এক শোভাযাত্ৰা উলিওৱা হয়। অনুষ্ঠানত বিশিষ্ট শিক্ষাবিদ আৰু সাহিত্যিকসকলে অংশগ্ৰহণ কৰে। বক্তাসকলে মাতৃভাষাৰ মাধ্যমত শিক্ষাৰ গুৰুত্ব সম্পৰ্কে আলোকপাত কৰে। জাতীয় শিক্ষাৰ আদৰ্শ আৰু মূল্যবোধৰ কথা উল্লেখ কৰি নতুন প্ৰজন্মক অনুপ্ৰাণিত কৰা হয়। বিদ্যালয়খনৰ প্ৰাক্তন ছাত্ৰ-ছাত্ৰীসকলে বিদ্যালয়ৰ উন্নয়নৰ বাবে সহায়ৰ হাত আগবঢ়ায়। সাংস্কৃতিক অনুষ্ঠানৰ জৰিয়তে অসমৰ ঐতিহ্য প্ৰদৰ্শন কৰা হয়। অতিথিসকলে শিক্ষকসকলৰ অৱদানৰ ভূয়সী প্ৰশংসা কৰে। অনুষ্ঠানৰ শেষত মেধাৱী ছাত্ৰ-ছাত্ৰীক সম্বৰ্ধনা জনোৱা হয়।

সমৰূপতা নহয়, ভাষা...

উপস্থিত থাকে। উদ্বোধনী অনুষ্ঠানত সভাপতিয়ে কয় যে ভাষাৰ বৈচিত্ৰ্যই দেশৰ শক্তি। সকলো ভাষাক সমান মৰ্যাদা দিব লাগিব আৰু কোনো এটা ভাষা জাপি দিয়া উচিত নহয়। অসমীয়া ভাষাক ধ্ৰুপদী ভাষাৰ মৰ্যাদা প্ৰদানৰ পিছত ইয়াৰ বিকাশৰ বাবে অধিক দায়িত্ব বাঢ়িছে। বক্তাসকলে মাতৃভাষাত উচ্চশিক্ষাৰ পাঠ্যপুথি প্ৰস্তুতৰ ওপৰত গুৰুত্ব দিয়ে। আলোচনাত বিভিন্ন ভাষা-গোষ্ঠীৰ প্ৰতিনিধিয়ে অংশ লয় আৰু সম্প্ৰীতিৰ বাৰ্তা দিয়ে। ভাষিক সংখ্যালঘুৰ অধিকাৰ সুৰক্ষাৰ কথাও উত্থাপন হয়। সভাই কেইবাটাও প্ৰস্তাৱ গ্ৰহণ কৰে।

উপস্থিত থাকে। উদ্বোধনী অনুষ্ঠানত সভাপতিয়ে কয় যে ভাষাৰ বৈচিত্ৰ্যই দেশৰ শক্তি। সকলো ভাষাক সমান মৰ্যাদা দিব লাগিব আৰু কোনো এটা ভাষা জাপি দিয়া উচিত নহয়। অসমীয়া ভাষাক ধ্ৰুপদী ভাষাৰ মৰ্যাদা প্ৰদানৰ পিছত ইয়াৰ বিকাশৰ বাবে অধিক দায়িত্ব বাঢ়িছে। বক্তাসকলে মাতৃভাষাত উচ্চশিক্ষাৰ পাঠ্যপুথি প্ৰস্তুতৰ ওপৰত গুৰুত্ব দিয়ে। আলোচনাত বিভিন্ন ভাষা-গোষ্ঠীৰ প্ৰতিনিধিয়ে অংশ লয় আৰু সম্প্ৰীতিৰ বাৰ্তা দিয়ে। ভাষিক সংখ্যালঘুৰ অধিকাৰ সুৰক্ষাৰ কথাও উত্থাপন হয়। সভাই কেইবাটাও প্ৰস্তাৱ গ্ৰহণ কৰে।

উপস্থিত থাকে। উদ্বোধনী অনুষ্ঠানত সভাপতিয়ে কয় যে ভাষাৰ বৈচিত্ৰ্যই দেশৰ শক্তি। সকলো ভাষাক সমান মৰ্যাদা দিব লাগিব আৰু কোনো এটা ভাষা জাপি দিয়া উচিত নহয়। অসমীয়া ভাষাক ধ্ৰুপদী ভাষাৰ মৰ্যাদা প্ৰদানৰ পিছত ইয়াৰ বিকাশৰ বাবে অধিক দায়িত্ব বাঢ়িছে। বক্তাসকলে মাতৃভাষাত উচ্চশিক্ষাৰ পাঠ্যপুথি প্ৰস্তুতৰ ওপৰত গুৰুত্ব দিয়ে। আলোচনাত বিভিন্ন ভাষা-গোষ্ঠীৰ প্ৰতিনিধিয়ে অংশ লয় আৰু সম্প্ৰীতিৰ বাৰ্তা দিয়ে। ভাষিক সংখ্যালঘুৰ অধিকাৰ সুৰক্ষাৰ কথাও উত্থাপন হয়। সভাই কেইবাটাও প্ৰস্তাৱ গ্ৰহণ কৰে।
